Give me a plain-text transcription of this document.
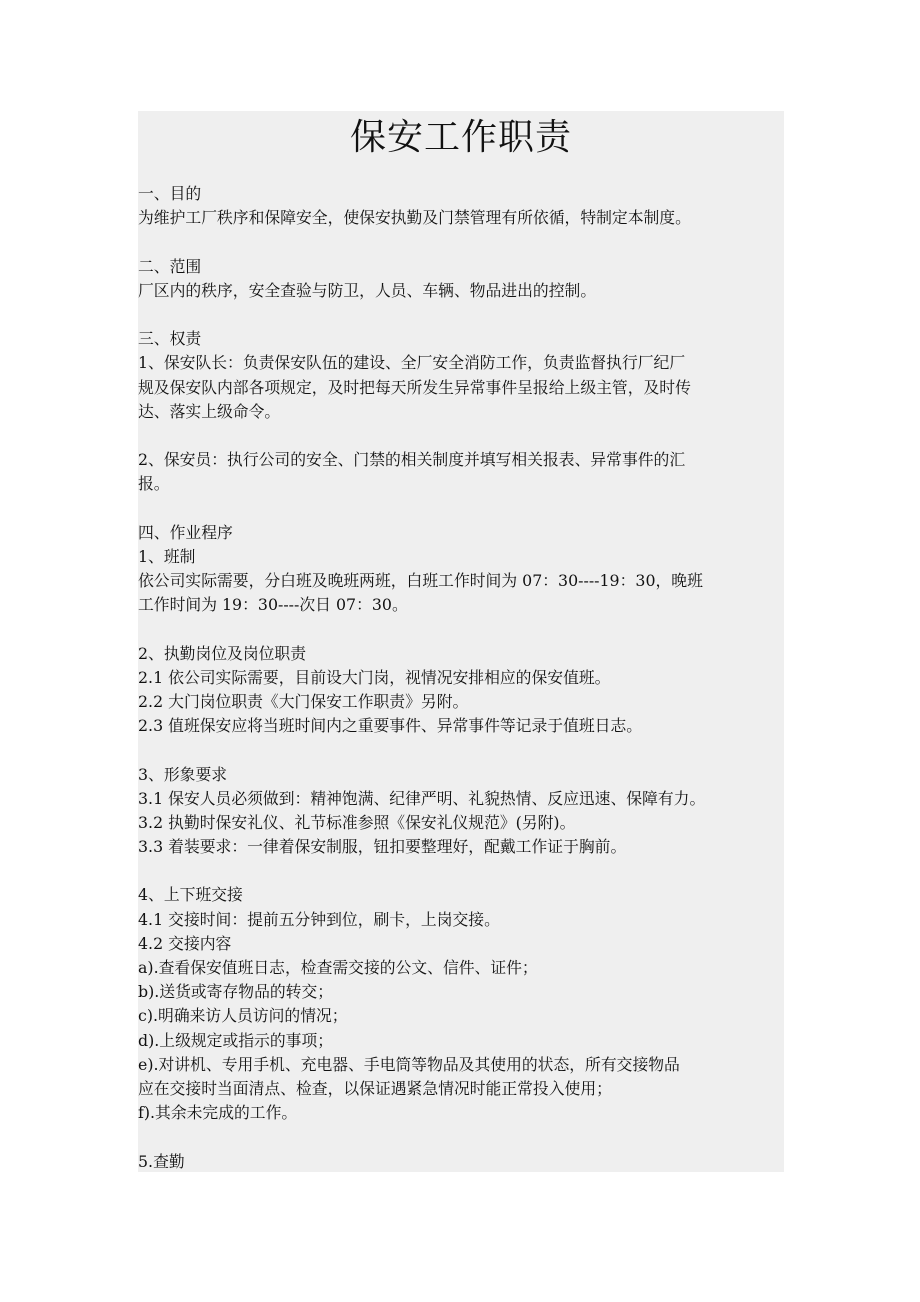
保安工作职责
一、目的
为维护工厂秩序和保障安全，使保安执勤及门禁管理有所依循，特制定本制度。
二、范围
厂区内的秩序，安全查验与防卫，人员、车辆、物品进出的控制。
三、权责
1、保安队长：负责保安队伍的建设、全厂安全消防工作，负责监督执行厂纪厂
规及保安队内部各项规定，及时把每天所发生异常事件呈报给上级主管，及时传
达、落实上级命令。
2、保安员：执行公司的安全、门禁的相关制度并填写相关报表、异常事件的汇
报。
四、作业程序
1、班制
依公司实际需要，分白班及晚班两班，白班工作时间为 07：30----19：30，晚班
工作时间为 19：30----次日 07：30。
2、执勤岗位及岗位职责
2.1 依公司实际需要，目前设大门岗，视情况安排相应的保安值班。
2.2 大门岗位职责《大门保安工作职责》另附。
2.3 值班保安应将当班时间内之重要事件、异常事件等记录于值班日志。
3、形象要求
3.1 保安人员必须做到：精神饱满、纪律严明、礼貌热情、反应迅速、保障有力。
3.2 执勤时保安礼仪、礼节标准参照《保安礼仪规范》(另附)。
3.3 着装要求：一律着保安制服，钮扣要整理好，配戴工作证于胸前。
4、上下班交接
4.1 交接时间：提前五分钟到位，刷卡，上岗交接。
4.2 交接内容
a).查看保安值班日志，检查需交接的公文、信件、证件；
b).送货或寄存物品的转交；
c).明确来访人员访问的情况；
d).上级规定或指示的事项；
e).对讲机、专用手机、充电器、手电筒等物品及其使用的状态，所有交接物品
应在交接时当面清点、检查，以保证遇紧急情况时能正常投入使用；
f).其余未完成的工作。
5.查勤
